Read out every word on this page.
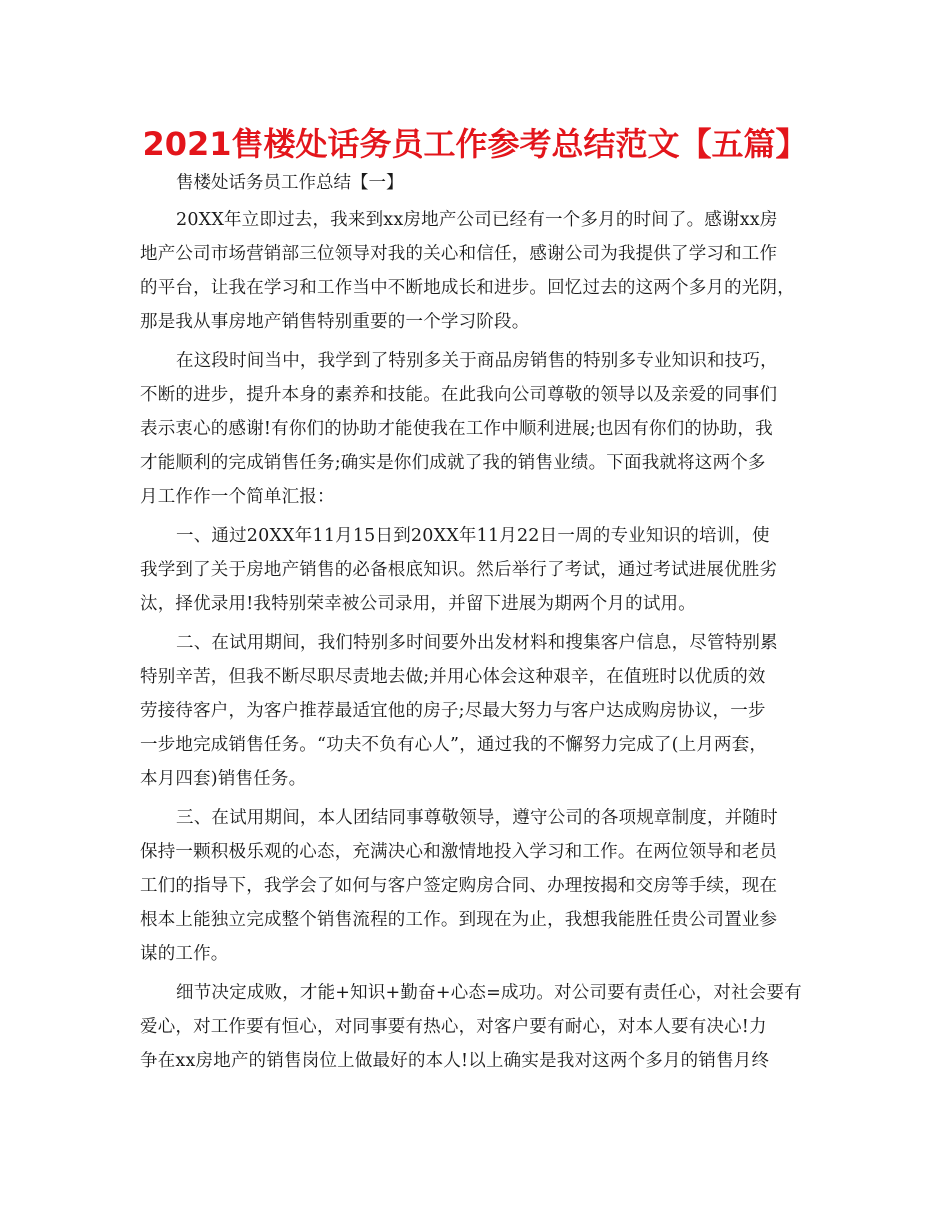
2021售楼处话务员工作参考总结范文【五篇】
售楼处话务员工作总结【一】
20XX年立即过去，我来到xx房地产公司已经有一个多月的时间了。感谢xx房
地产公司市场营销部三位领导对我的关心和信任，感谢公司为我提供了学习和工作
的平台，让我在学习和工作当中不断地成长和进步。回忆过去的这两个多月的光阴，
那是我从事房地产销售特别重要的一个学习阶段。
在这段时间当中，我学到了特别多关于商品房销售的特别多专业知识和技巧，
不断的进步，提升本身的素养和技能。在此我向公司尊敬的领导以及亲爱的同事们
表示衷心的感谢!有你们的协助才能使我在工作中顺利进展;也因有你们的协助，我
才能顺利的完成销售任务;确实是你们成就了我的销售业绩。下面我就将这两个多
月工作作一个简单汇报：
一、通过20XX年11月15日到20XX年11月22日一周的专业知识的培训，使
我学到了关于房地产销售的必备根底知识。然后举行了考试，通过考试进展优胜劣
汰，择优录用!我特别荣幸被公司录用，并留下进展为期两个月的试用。
二、在试用期间，我们特别多时间要外出发材料和搜集客户信息，尽管特别累
特别辛苦，但我不断尽职尽责地去做;并用心体会这种艰辛，在值班时以优质的效
劳接待客户，为客户推荐最适宜他的房子;尽最大努力与客户达成购房协议，一步
一步地完成销售任务。“功夫不负有心人”，通过我的不懈努力完成了(上月两套，
本月四套)销售任务。
三、在试用期间，本人团结同事尊敬领导，遵守公司的各项规章制度，并随时
保持一颗积极乐观的心态，充满决心和激情地投入学习和工作。在两位领导和老员
工们的指导下，我学会了如何与客户签定购房合同、办理按揭和交房等手续，现在
根本上能独立完成整个销售流程的工作。到现在为止，我想我能胜任贵公司置业参
谋的工作。
细节决定成败，才能+知识+勤奋+心态=成功。对公司要有责任心，对社会要有
爱心，对工作要有恒心，对同事要有热心，对客户要有耐心，对本人要有决心!力
争在xx房地产的销售岗位上做最好的本人!以上确实是我对这两个多月的销售月终
